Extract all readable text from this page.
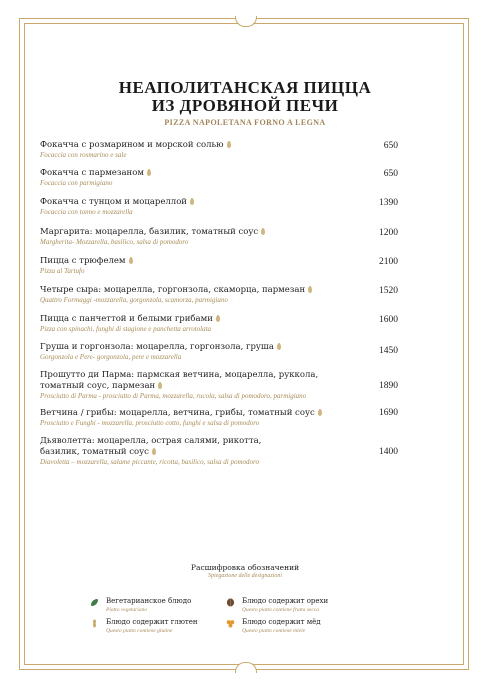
НЕАПОЛИТАНСКАЯ ПИЦЦА
ИЗ ДРОВЯНОЙ ПЕЧИ
PIZZA NAPOLETANA FORNO A LEGNA
Фокачча с розмарином и морской солью
Focaccia con rosmarino e sale
650
Фокачча с пармезаном
Focaccia con parmigiano
650
Фокачча с тунцом и моцареллой
Focaccia con tonno e mozzarella
1390
Маргарита: моцарелла, базилик, томатный соус
Margherita- Mozzarella, basilico, salsa di pomodoro
1200
Пицца с трюфелем
Pizza al Tartufo
2100
Четыре сыра: моцарелла, горгонзола, скаморца, пармезан
Quattro Formaggi -mozzarella, gorgonzola, scamorza, parmigiano
1520
Пицца с панчеттой и белыми грибами
Pizza con spinachi, funghi di stagione e panchetta arrotolata
1600
Груша и горгонзола: моцарелла, горгонзола, груша
Gorgonzola e Pere- gorgonzola, pere e mozzarella
1450
Прошутто ди Парма: пармская ветчина, моцарелла, руккола,
томатный соус, пармезан
Prosciutto di Parma - prosciutto di Parma, mozzarella, rucola, salsa di pomodoro, parmigiano
1890
Ветчина / грибы: моцарелла, ветчина, грибы, томатный соус
Prosciutto e Funghi - mozzarella, prosciutto cotto, funghi e salsa di pomodoro
1690
Дьяволетта: моцарелла, острая салями, рикотта,
базилик, томатный соус
Diavoletta – mozzarella, salame piccante, ricotta, basilico, salsa di pomodoro
1400
Расшифровка обозначений
Spiegazione delle designazioni
Вегетарианское блюдо
Piatto vegetariano
Блюдо содержит глютен
Questo piatto contiene glutine
Блюдо содержит орехи
Questo piatto contiene frutta secca
Блюдо содержит мёд
Questo piatto contiene miele
